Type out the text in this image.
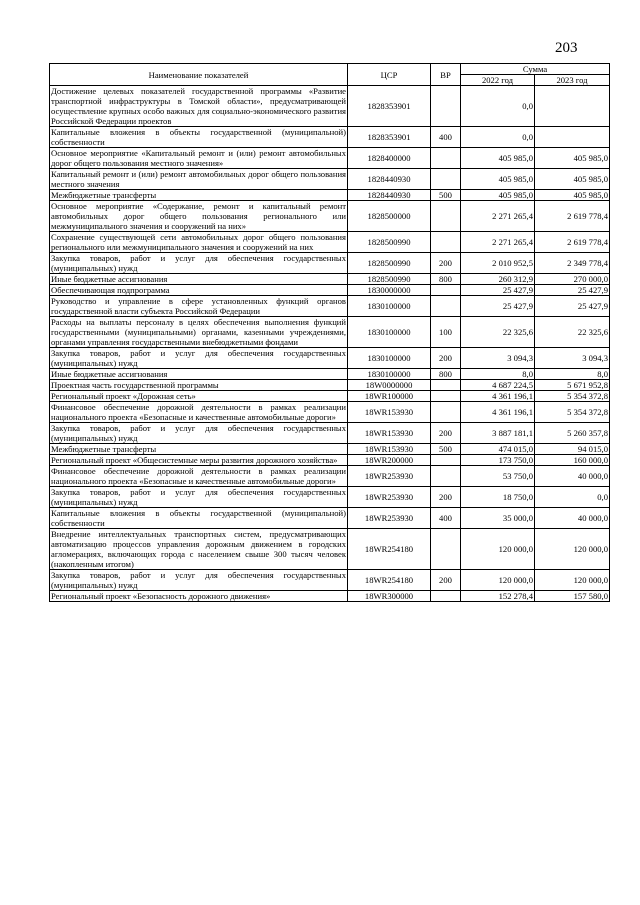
203
Наименование показателей	ЦСР	ВР	Сумма	
			2022 год	2023 год
Достижение целевых показателей государственной программы «Развитие транспортной инфраструктуры в Томской области», предусматривающей осуществление крупных особо важных для социально-экономического развития Российской Федерации проектов	1828353901		0,0	
Капитальные вложения в объекты государственной (муниципальной) собственности	1828353901	400	0,0	
Основное мероприятие «Капитальный ремонт и (или) ремонт автомобильных дорог общего пользования местного значения»	1828400000		405 985,0	405 985,0
Капитальный ремонт и (или) ремонт автомобильных дорог общего пользования местного значения	1828440930		405 985,0	405 985,0
Межбюджетные трансферты	1828440930	500	405 985,0	405 985,0
Основное мероприятие «Содержание, ремонт и капитальный ремонт автомобильных дорог общего пользования регионального или межмуниципального значения и сооружений на них»	1828500000		2 271 265,4	2 619 778,4
Сохранение существующей сети автомобильных дорог общего пользования регионального или межмуниципального значения и сооружений на них	1828500990		2 271 265,4	2 619 778,4
Закупка товаров, работ и услуг для обеспечения государственных (муниципальных) нужд	1828500990	200	2 010 952,5	2 349 778,4
Иные бюджетные ассигнования	1828500990	800	260 312,9	270 000,0
Обеспечивающая подпрограмма	1830000000		25 427,9	25 427,9
Руководство и управление в сфере установленных функций органов государственной власти субъекта Российской Федерации	1830100000		25 427,9	25 427,9
Расходы на выплаты персоналу в целях обеспечения выполнения функций государственными (муниципальными) органами, казенными учреждениями, органами управления государственными внебюджетными фондами	1830100000	100	22 325,6	22 325,6
Закупка товаров, работ и услуг для обеспечения государственных (муниципальных) нужд	1830100000	200	3 094,3	3 094,3
Иные бюджетные ассигнования	1830100000	800	8,0	8,0
Проектная часть государственной программы	18W0000000		4 687 224,5	5 671 952,8
Региональный проект «Дорожная сеть»	18WR100000		4 361 196,1	5 354 372,8
Финансовое обеспечение дорожной деятельности в рамках реализации национального проекта «Безопасные и качественные автомобильные дороги»	18WR153930		4 361 196,1	5 354 372,8
Закупка товаров, работ и услуг для обеспечения государственных (муниципальных) нужд	18WR153930	200	3 887 181,1	5 260 357,8
Межбюджетные трансферты	18WR153930	500	474 015,0	94 015,0
Региональный проект «Общесистемные меры развития дорожного хозяйства»	18WR200000		173 750,0	160 000,0
Финансовое обеспечение дорожной деятельности в рамках реализации национального проекта «Безопасные и качественные автомобильные дороги»	18WR253930		53 750,0	40 000,0
Закупка товаров, работ и услуг для обеспечения государственных (муниципальных) нужд	18WR253930	200	18 750,0	0,0
Капитальные вложения в объекты государственной (муниципальной) собственности	18WR253930	400	35 000,0	40 000,0
Внедрение интеллектуальных транспортных систем, предусматривающих автоматизацию процессов управления дорожным движением в городских агломерациях, включающих города с населением свыше 300 тысяч человек (накопленным итогом)	18WR254180		120 000,0	120 000,0
Закупка товаров, работ и услуг для обеспечения государственных (муниципальных) нужд	18WR254180	200	120 000,0	120 000,0
Региональный проект «Безопасность дорожного движения»	18WR300000		152 278,4	157 580,0
